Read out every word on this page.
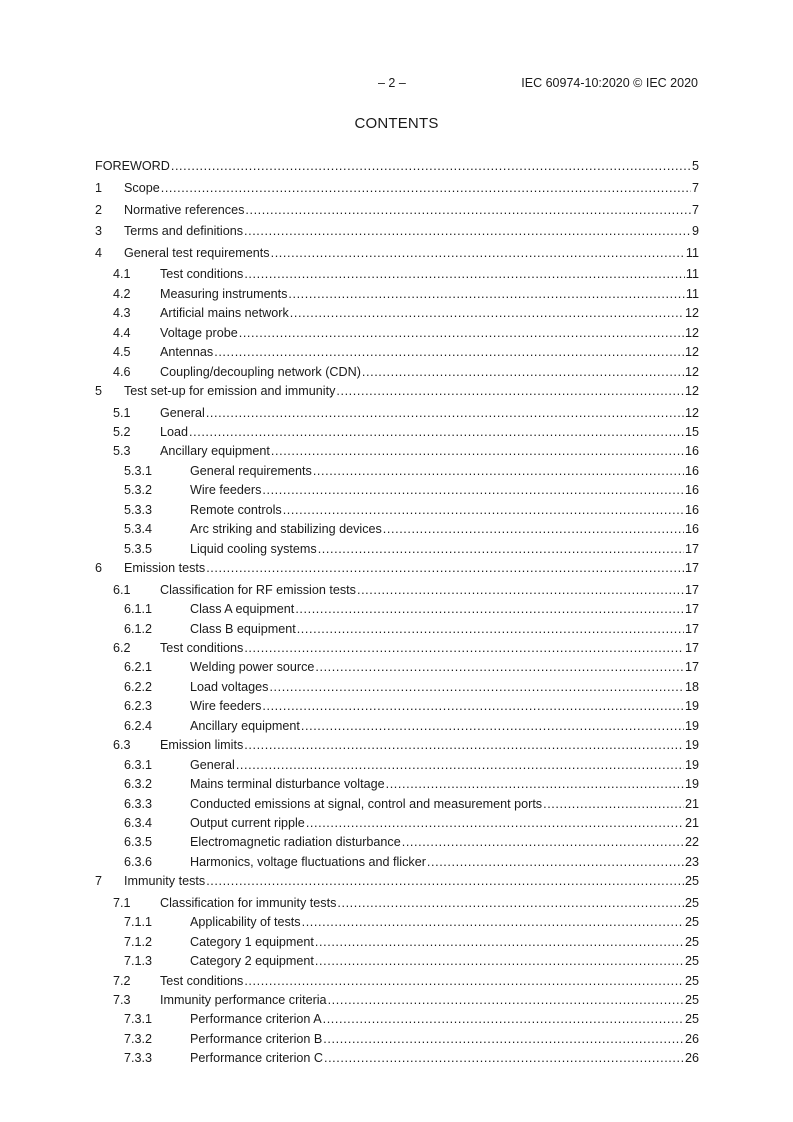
– 2 –	IEC 60974-10:2020 © IEC 2020
CONTENTS
FOREWORD .....	5
1 Scope .....	7
2 Normative references .....	7
3 Terms and definitions .....	9
4 General test requirements .....	11
4.1 Test conditions .....	11
4.2 Measuring instruments .....	11
4.3 Artificial mains network .....	12
4.4 Voltage probe .....	12
4.5 Antennas .....	12
4.6 Coupling/decoupling network (CDN) .....	12
5 Test set-up for emission and immunity .....	12
5.1 General .....	12
5.2 Load .....	15
5.3 Ancillary equipment .....	16
5.3.1	General requirements .....	16
5.3.2	Wire feeders .....	16
5.3.3	Remote controls .....	16
5.3.4	Arc striking and stabilizing devices .....	16
5.3.5	Liquid cooling systems .....	17
6 Emission tests .....	17
6.1 Classification for RF emission tests .....	17
6.1.1	Class A equipment .....	17
6.1.2	Class B equipment .....	17
6.2 Test conditions .....	17
6.2.1	Welding power source .....	17
6.2.2	Load voltages .....	18
6.2.3	Wire feeders .....	19
6.2.4	Ancillary equipment .....	19
6.3 Emission limits .....	19
6.3.1	General .....	19
6.3.2	Mains terminal disturbance voltage .....	19
6.3.3	Conducted emissions at signal, control and measurement ports .....	21
6.3.4	Output current ripple .....	21
6.3.5	Electromagnetic radiation disturbance .....	22
6.3.6	Harmonics, voltage fluctuations and flicker .....	23
7 Immunity tests .....	25
7.1 Classification for immunity tests .....	25
7.1.1	Applicability of tests .....	25
7.1.2	Category 1 equipment .....	25
7.1.3	Category 2 equipment .....	25
7.2 Test conditions .....	25
7.3 Immunity performance criteria .....	25
7.3.1	Performance criterion A .....	25
7.3.2	Performance criterion B .....	26
7.3.3	Performance criterion C .....	26
